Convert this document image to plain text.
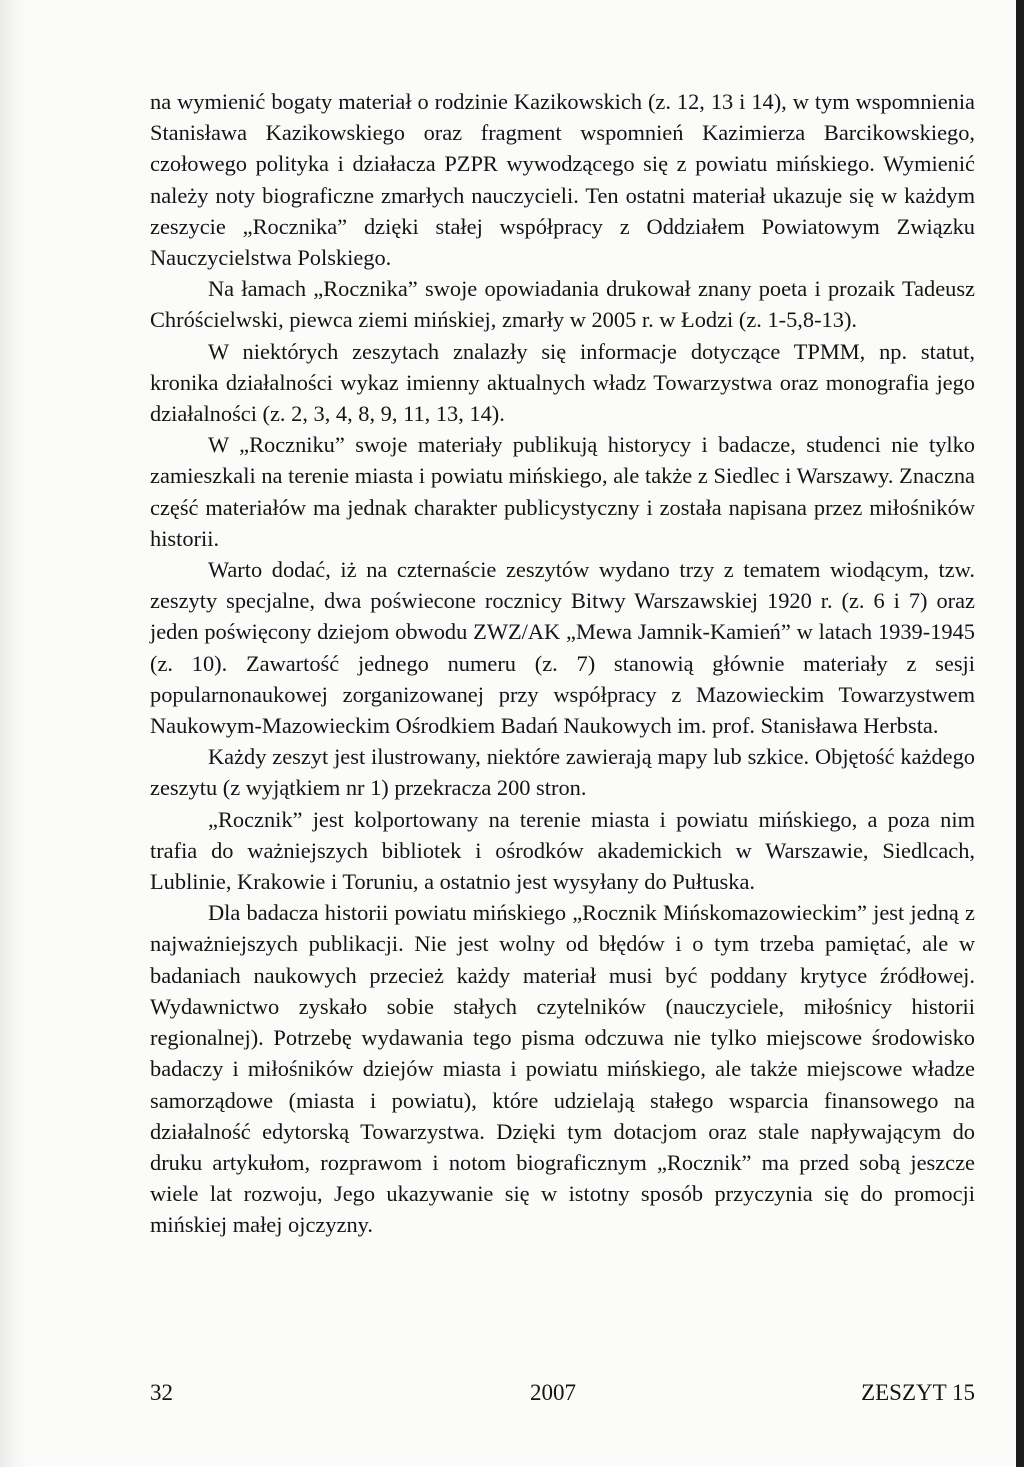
na wymienić bogaty materiał o rodzinie Kazikowskich (z. 12, 13 i 14), w tym wspomnienia Stanisława Kazikowskiego oraz fragment wspomnień Kazimierza Barcikowskiego, czołowego polityka i działacza PZPR wywodzącego się z powiatu mińskiego. Wymienić należy noty biograficzne zmarłych nauczycieli. Ten ostatni materiał ukazuje się w każdym zeszycie „Rocznika” dzięki stałej współpracy z Oddziałem Powiatowym Związku Nauczycielstwa Polskiego.

Na łamach „Rocznika” swoje opowiadania drukował znany poeta i prozaik Tadeusz Chróścielwski, piewca ziemi mińskiej, zmarły w 2005 r. w Łodzi (z. 1-5,8-13).

W niektórych zeszytach znalazły się informacje dotyczące TPMM, np. statut, kronika działalności wykaz imienny aktualnych władz Towarzystwa oraz monografia jego działalności (z. 2, 3, 4, 8, 9, 11, 13, 14).

W „Roczniku” swoje materiały publikują historycy i badacze, studenci nie tylko zamieszkali na terenie miasta i powiatu mińskiego, ale także z Siedlec i Warszawy. Znaczna część materiałów ma jednak charakter publicystyczny i została napisana przez miłośników historii.

Warto dodać, iż na czternaście zeszytów wydano trzy z tematem wiodącym, tzw. zeszyty specjalne, dwa poświecone rocznicy Bitwy Warszawskiej 1920 r. (z. 6 i 7) oraz jeden poświęcony dziejom obwodu ZWZ/AK „Mewa Jamnik-Kamień” w latach 1939-1945 (z. 10). Zawartość jednego numeru (z. 7) stanowią głównie materiały z sesji popularnonaukowej zorganizowanej przy współpracy z Mazowieckim Towarzystwem Naukowym-Mazowieckim Ośrodkiem Badań Naukowych im. prof. Stanisława Herbsta.

Każdy zeszyt jest ilustrowany, niektóre zawierają mapy lub szkice. Objętość każdego zeszytu (z wyjątkiem nr 1) przekracza 200 stron.

„Rocznik” jest kolportowany na terenie miasta i powiatu mińskiego, a poza nim trafia do ważniejszych bibliotek i ośrodków akademickich w Warszawie, Siedlcach, Lublinie, Krakowie i Toruniu, a ostatnio jest wysyłany do Pułtuska.

Dla badacza historii powiatu mińskiego „Rocznik Mińskomazowieckim” jest jedną z najważniejszych publikacji. Nie jest wolny od błędów i o tym trzeba pamiętać, ale w badaniach naukowych przecież każdy materiał musi być poddany krytyce źródłowej. Wydawnictwo zyskało sobie stałych czytelników (nauczyciele, miłośnicy historii regionalnej). Potrzebę wydawania tego pisma odczuwa nie tylko miejscowe środowisko badaczy i miłośników dziejów miasta i powiatu mińskiego, ale także miejscowe władze samorządowe (miasta i powiatu), które udzielają stałego wsparcia finansowego na działalność edytorską Towarzystwa. Dzięki tym dotacjom oraz stale napływającym do druku artykułom, rozprawom i notom biograficznym „Rocznik” ma przed sobą jeszcze wiele lat rozwoju, Jego ukazywanie się w istotny sposób przyczynia się do promocji mińskiej małej ojczyzny.

32	2007	ZESZYT 15
